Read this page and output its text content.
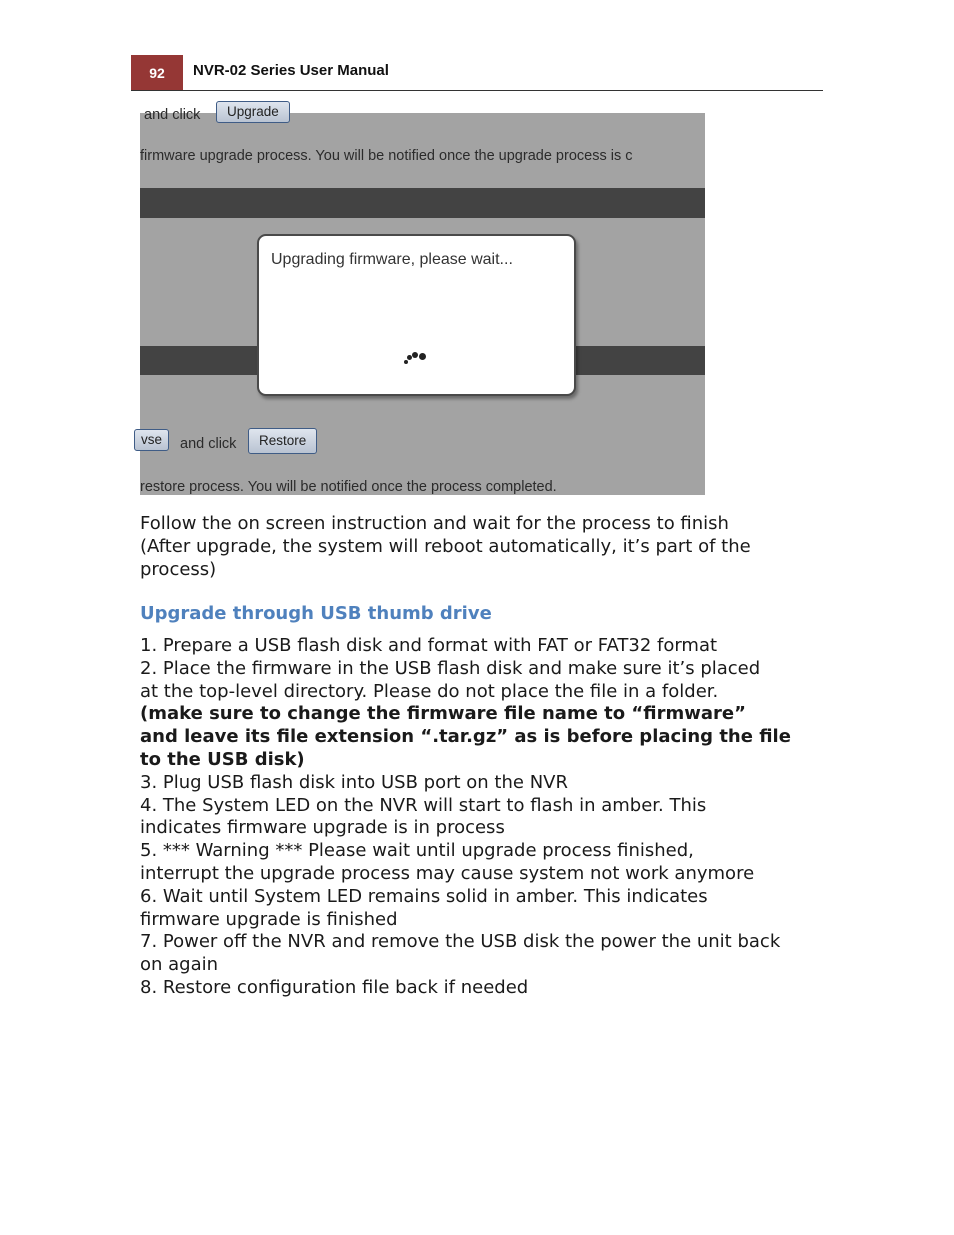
92	NVR-02 Series User Manual
and click	Upgrade
firmware upgrade process. You will be notified once the upgrade process is c
Upgrading firmware, please wait...
vse	and click	Restore
restore process. You will be notified once the process completed.

Follow the on screen instruction and wait for the process to finish
(After upgrade, the system will reboot automatically, it’s part of the
process)

Upgrade through USB thumb drive
1. Prepare a USB flash disk and format with FAT or FAT32 format
2. Place the firmware in the USB flash disk and make sure it’s placed
at the top-level directory. Please do not place the file in a folder.
(make sure to change the firmware file name to “firmware”
and leave its file extension “.tar.gz” as is before placing the file
to the USB disk)
3. Plug USB flash disk into USB port on the NVR
4. The System LED on the NVR will start to flash in amber. This
indicates firmware upgrade is in process
5. *** Warning *** Please wait until upgrade process finished,
interrupt the upgrade process may cause system not work anymore
6. Wait until System LED remains solid in amber. This indicates
firmware upgrade is finished
7. Power off the NVR and remove the USB disk the power the unit back
on again
8. Restore configuration file back if needed
